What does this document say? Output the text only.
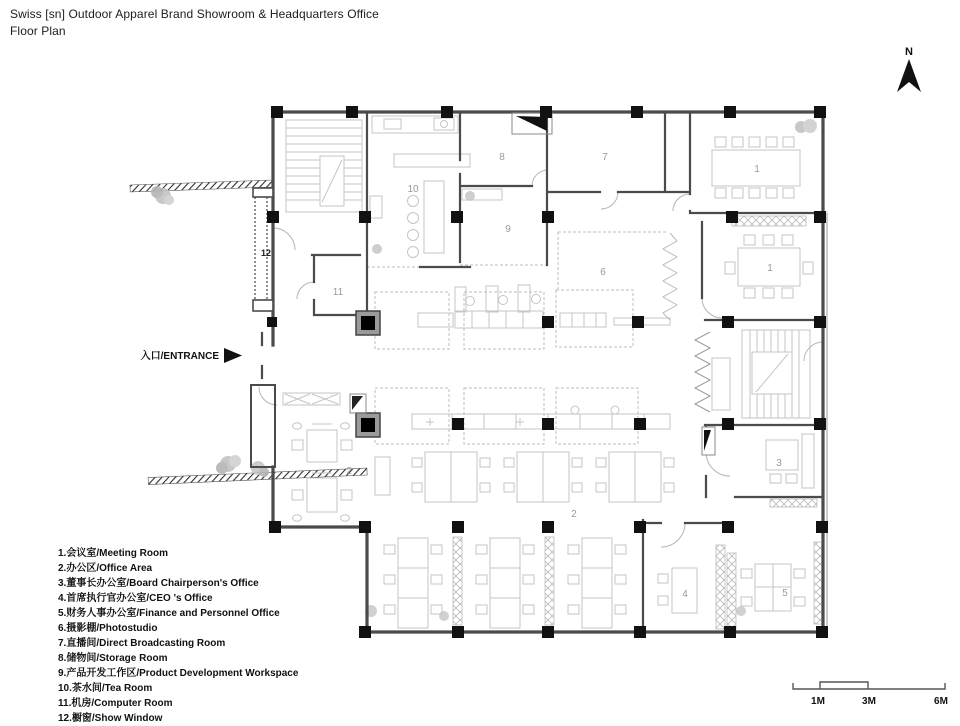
Swiss [sn] Outdoor Apparel Brand Showroom & Headquarters Office
Floor Plan
1
1
2
2
3
4	5
6
7
8
9
10
11
12
入口/ENTRANCE
N
1M	3M	6M
1.会议室/Meeting Room
2.办公区/Office Area
3.董事长办公室/Board Chairperson's Office
4.首席执行官办公室/CEO 's Office
5.财务人事办公室/Finance and Personnel Office
6.摄影棚/Photostudio
7.直播间/Direct Broadcasting Room
8.储物间/Storage Room
9.产品开发工作区/Product Development Workspace
10.茶水间/Tea Room
11.机房/Computer Room
12.橱窗/Show Window
